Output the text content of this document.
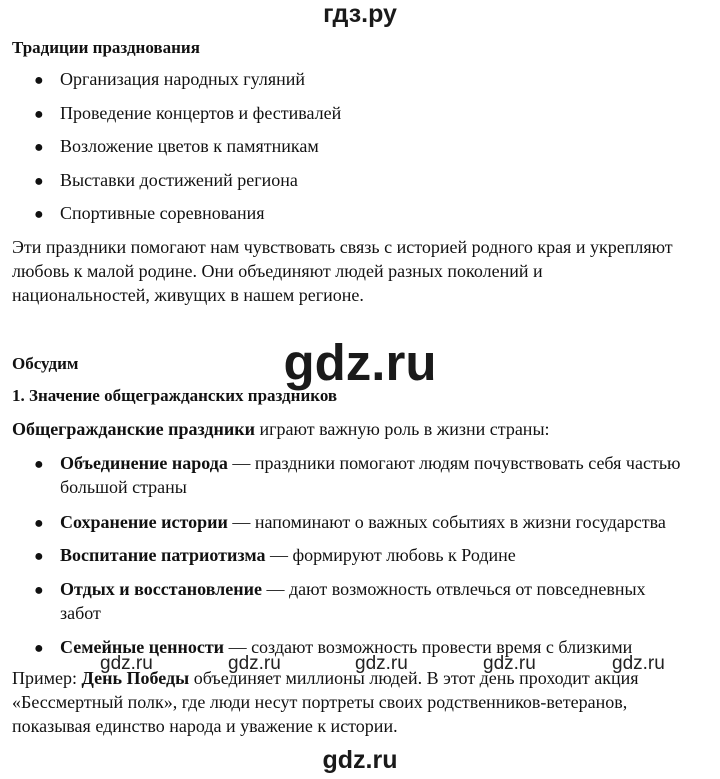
гдз.ру
Традиции празднования
● Организация народных гуляний
● Проведение концертов и фестивалей
● Возложение цветов к памятникам
● Выставки достижений региона
● Спортивные соревнования
Эти праздники помогают нам чувствовать связь с историей родного края и укрепляют
любовь к малой родине. Они объединяют людей разных поколений и
национальностей, живущих в нашем регионе.
Обсудим	gdz.ru
1. Значение общегражданских праздников
Общегражданские праздники играют важную роль в жизни страны:
● Объединение народа — праздники помогают людям почувствовать себя частью
большой страны
● Сохранение истории — напоминают о важных событиях в жизни государства
● Воспитание патриотизма — формируют любовь к Родине
● Отдых и восстановление — дают возможность отвлечься от повседневных
забот
● Семейные ценности — создают возможность провести время с близкими
Пример: День Победы объединяет миллионы людей. В этот день проходит акция
«Бессмертный полк», где люди несут портреты своих родственников-ветеранов,
показывая единство народа и уважение к истории.
gdz.ru	gdz.ru	gdz.ru	gdz.ru	gdz.ru
gdz.ru
